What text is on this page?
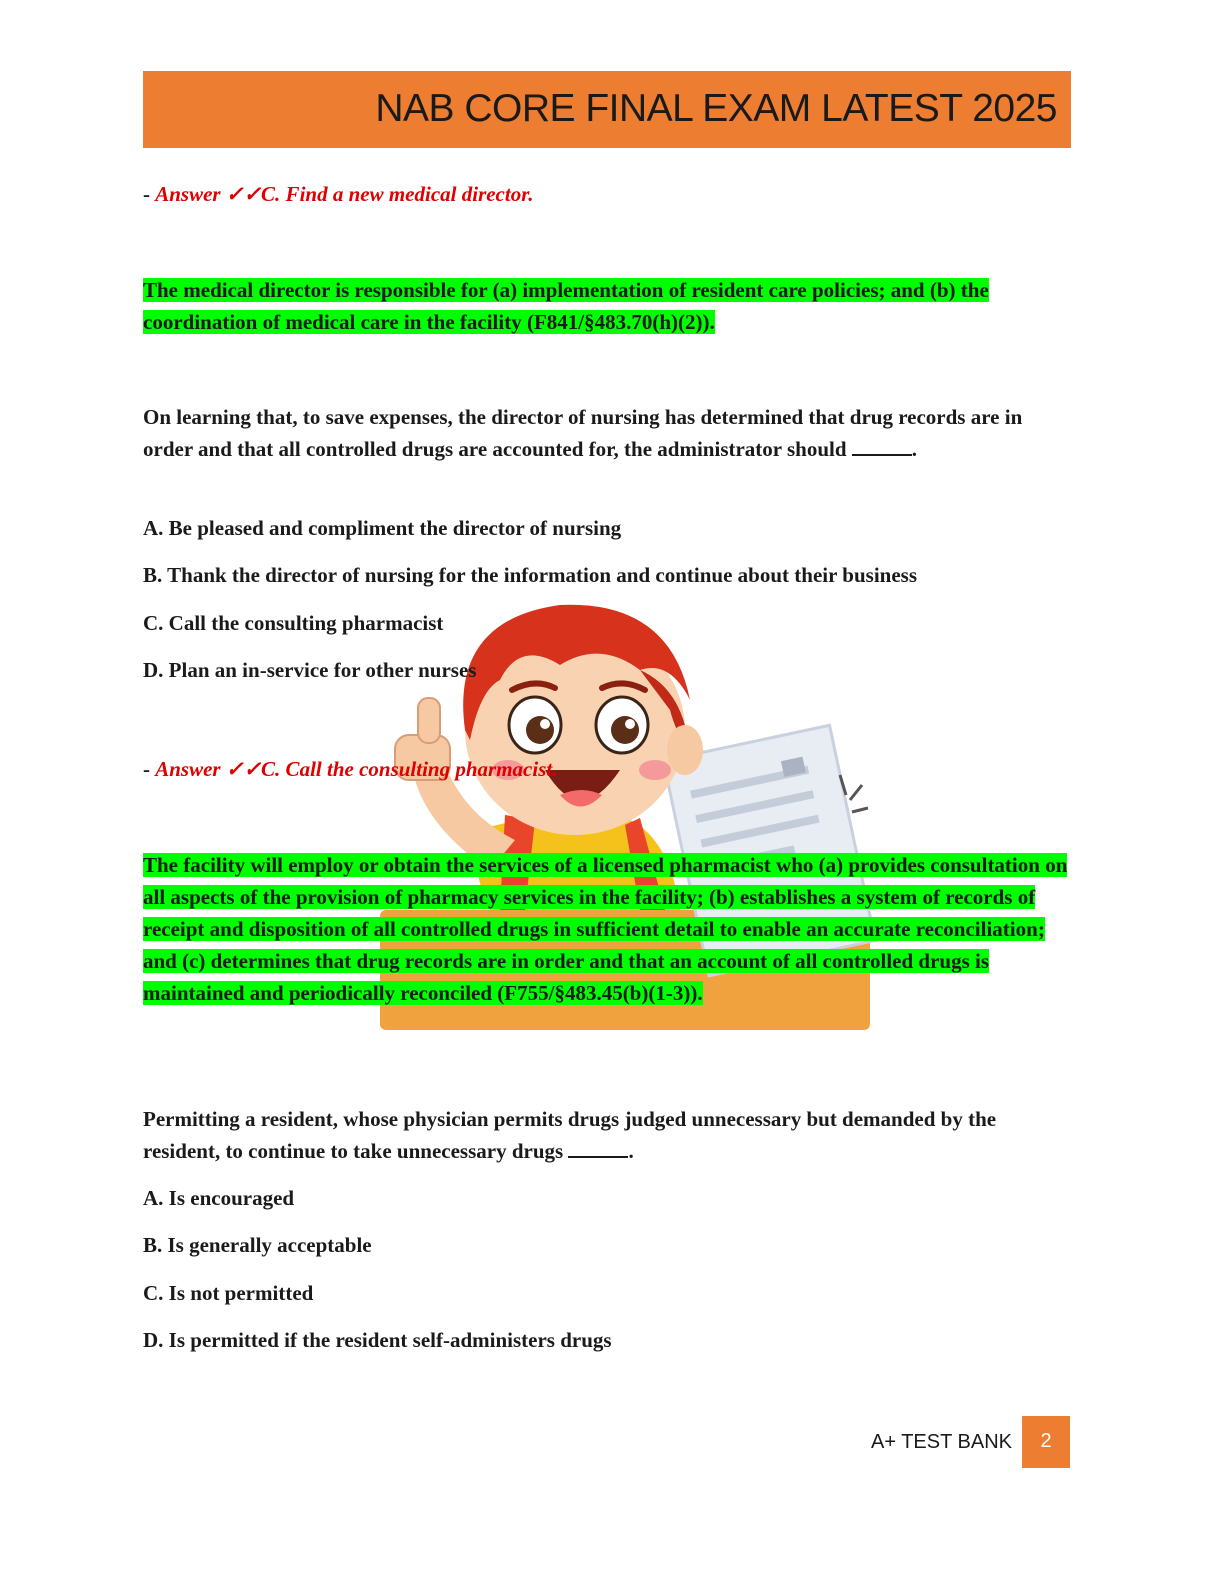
NAB CORE FINAL EXAM LATEST 2025
- Answer ✓✓C. Find a new medical director.
The medical director is responsible for (a) implementation of resident care policies; and (b) the coordination of medical care in the facility (F841/§483.70(h)(2)).
On learning that, to save expenses, the director of nursing has determined that drug records are in order and that all controlled drugs are accounted for, the administrator should	.
A. Be pleased and compliment the director of nursing
B. Thank the director of nursing for the information and continue about their business
C. Call the consulting pharmacist
D. Plan an in-service for other nurses
- Answer ✓✓C. Call the consulting pharmacist.
The facility will employ or obtain the services of a licensed pharmacist who (a) provides consultation on all aspects of the provision of pharmacy services in the facility; (b) establishes a system of records of receipt and disposition of all controlled drugs in sufficient detail to enable an accurate reconciliation; and (c) determines that drug records are in order and that an account of all controlled drugs is maintained and periodically reconciled (F755/§483.45(b)(1-3)).
Permitting a resident, whose physician permits drugs judged unnecessary but demanded by the resident, to continue to take unnecessary drugs	.
A. Is encouraged
B. Is generally acceptable
C. Is not permitted
D. Is permitted if the resident self-administers drugs
A+ TEST BANK	2
